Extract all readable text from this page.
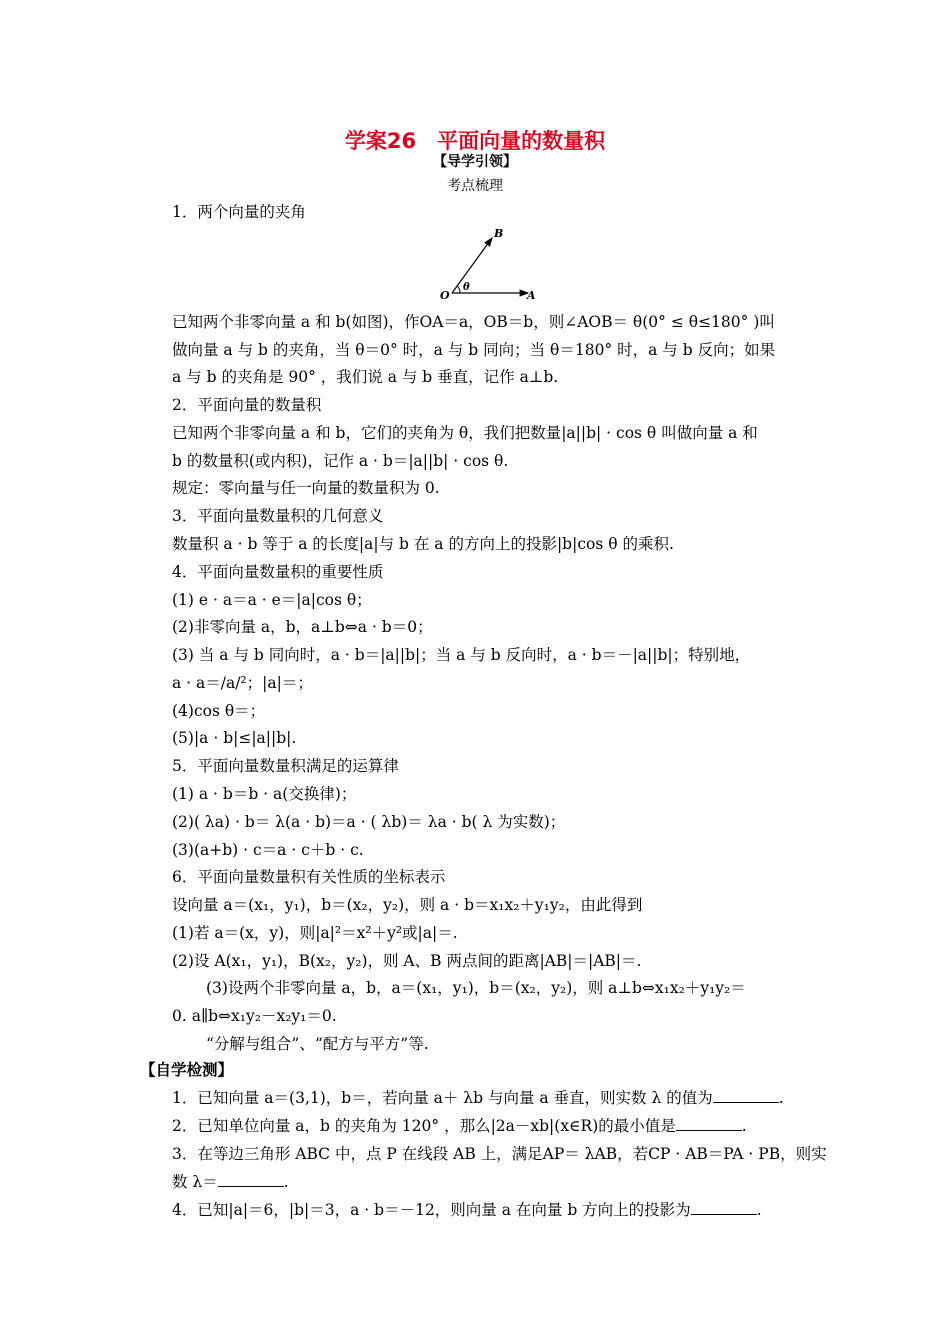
学案26　平面向量的数量积
【导学引领】
考点梳理
1．两个向量的夹角
B
O	A
θ
已知两个非零向量 a 和 b(如图)，作OA＝a，OB＝b，则∠AOB＝ θ(0° ≤ θ≤180° )叫
做向量 a 与 b 的夹角，当 θ＝0° 时，a 与 b 同向；当 θ＝180° 时，a 与 b 反向；如果
a 与 b 的夹角是 90° ，我们说 a 与 b 垂直，记作 a⊥b.
2．平面向量的数量积
已知两个非零向量 a 和 b，它们的夹角为 θ，我们把数量|a||b| · cos θ 叫做向量 a 和
b 的数量积(或内积)，记作 a · b＝|a||b| · cos θ.
规定：零向量与任一向量的数量积为 0.
3．平面向量数量积的几何意义
数量积 a · b 等于 a 的长度|a|与 b 在 a 的方向上的投影|b|cos θ 的乘积.
4．平面向量数量积的重要性质
(1) e · a＝a · e＝|a|cos θ；
(2)非零向量 a，b，a⊥b⇔a · b＝0；
(3) 当 a 与 b 同向时，a · b＝|a||b|；当 a 与 b 反向时，a · b＝－|a||b|；特别地，
a · a＝/a/²；|a|＝；
(4)cos θ＝；
(5)|a · b|≤|a||b|.
5．平面向量数量积满足的运算律
(1) a · b＝b · a(交换律)；
(2)( λa) · b＝ λ(a · b)＝a · ( λb)＝ λa · b( λ 为实数)；
(3)(a+b) · c＝a · c＋b · c.
6．平面向量数量积有关性质的坐标表示
设向量 a＝(x₁，y₁)，b＝(x₂，y₂)，则 a · b＝x₁x₂＋y₁y₂，由此得到
(1)若 a＝(x，y)，则|a|²＝x²＋y²或|a|＝.
(2)设 A(x₁，y₁)，B(x₂，y₂)，则 A、B 两点间的距离|AB|＝|AB|＝.
(3)设两个非零向量 a，b，a＝(x₁，y₁)，b＝(x₂，y₂)，则 a⊥b⇔x₁x₂＋y₁y₂＝
0. a∥b⇔x₁y₂－x₂y₁＝0.
“分解与组合”、“配方与平方”等.
【自学检测】
1．已知向量 a＝(3,1)，b＝，若向量 a＋ λb 与向量 a 垂直，则实数 λ 的值为	.
2．已知单位向量 a，b 的夹角为 120° ，那么|2a－xb|(x∈R)的最小值是	.
3．在等边三角形 ABC 中，点 P 在线段 AB 上，满足AP＝ λAB，若CP · AB＝PA · PB，则实
数 λ＝	.
4．已知|a|＝6，|b|＝3，a · b＝－12，则向量 a 在向量 b 方向上的投影为	.
